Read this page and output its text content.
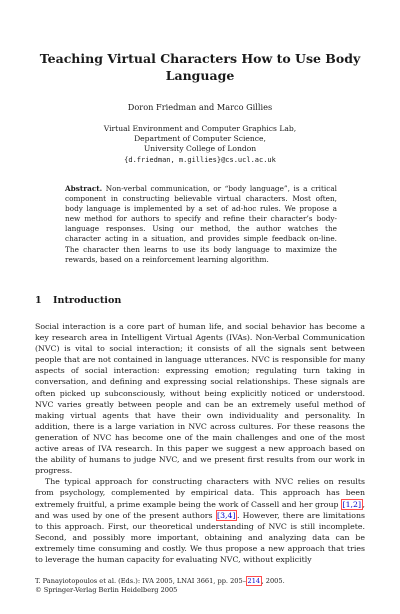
Teaching Virtual Characters How to Use Body
Language
Doron Friedman and Marco Gillies
Virtual Environment and Computer Graphics Lab,
Department of Computer Science,
University College of London
{d.friedman, m.gillies}@cs.ucl.ac.uk
Abstract. Non-verbal communication, or “body language”, is a critical component in constructing believable virtual characters. Most often, body language is implemented by a set of ad-hoc rules. We propose a new method for authors to specify and refine their character’s body-language responses. Using our method, the author watches the character acting in a situation, and provides simple feedback on-line. The character then learns to use its body language to maximize the rewards, based on a reinforcement learning algorithm.
1 Introduction

Social interaction is a core part of human life, and social behavior has become a key research area in Intelligent Virtual Agents (IVAs). Non-Verbal Communication (NVC) is vital to social interaction; it consists of all the signals sent between people that are not contained in language utterances. NVC is responsible for many aspects of social interaction: expressing emotion; regulating turn taking in conversation, and defining and expressing social relationships. These signals are often picked up subconsciously, without being explicitly noticed or understood. NVC varies greatly between people and can be an extremely useful method of making virtual agents that have their own individuality and personality. In addition, there is a large variation in NVC across cultures. For these reasons the generation of NVC has become one of the main challenges and one of the most active areas of IVA research. In this paper we suggest a new approach based on the ability of humans to judge NVC, and we present first results from our work in progress.

The typical approach for constructing characters with NVC relies on results from psychology, complemented by empirical data. This approach has been extremely fruitful, a prime example being the work of Cassell and her group [1,2] , and was used by one of the present authors [3,4] . However, there are limitations to this approach. First, our theoretical understanding of NVC is still incomplete. Second, and possibly more important, obtaining and analyzing data can be extremely time consuming and costly. We thus propose a new approach that tries to leverage the human capacity for evaluating NVC, without explicitly

T. Panayiotopoulos et al. (Eds.): IVA 2005, LNAI 3661, pp. 205– 214 , 2005.
© Springer-Verlag Berlin Heidelberg 2005
